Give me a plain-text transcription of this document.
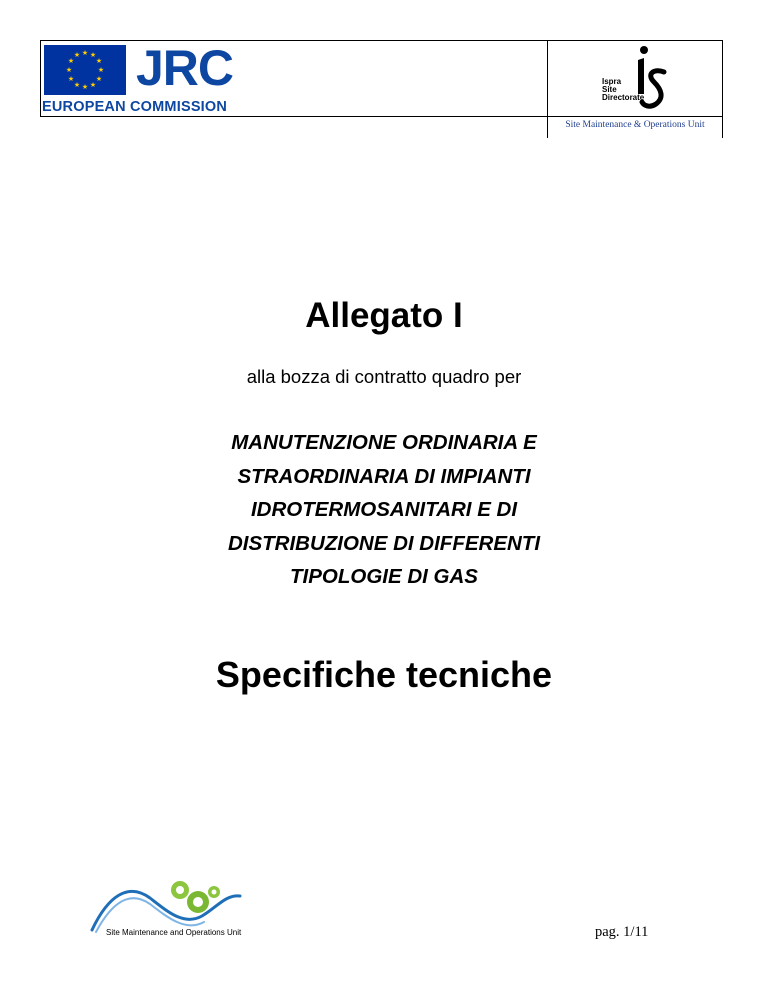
★ ★
★
★
★
★
★
★
★
★
★
★ JRC
EUROPEAN COMMISSION
Ispra
Site
Directorate
Site Maintenance & Operations Unit
Allegato I
alla bozza di contratto quadro per
MANUTENZIONE ORDINARIA E
STRAORDINARIA DI IMPIANTI
IDROTERMOSANITARI E DI
DISTRIBUZIONE DI DIFFERENTI
TIPOLOGIE DI GAS
Specifiche tecniche
Site Maintenance and Operations Unit	pag. 1/11
